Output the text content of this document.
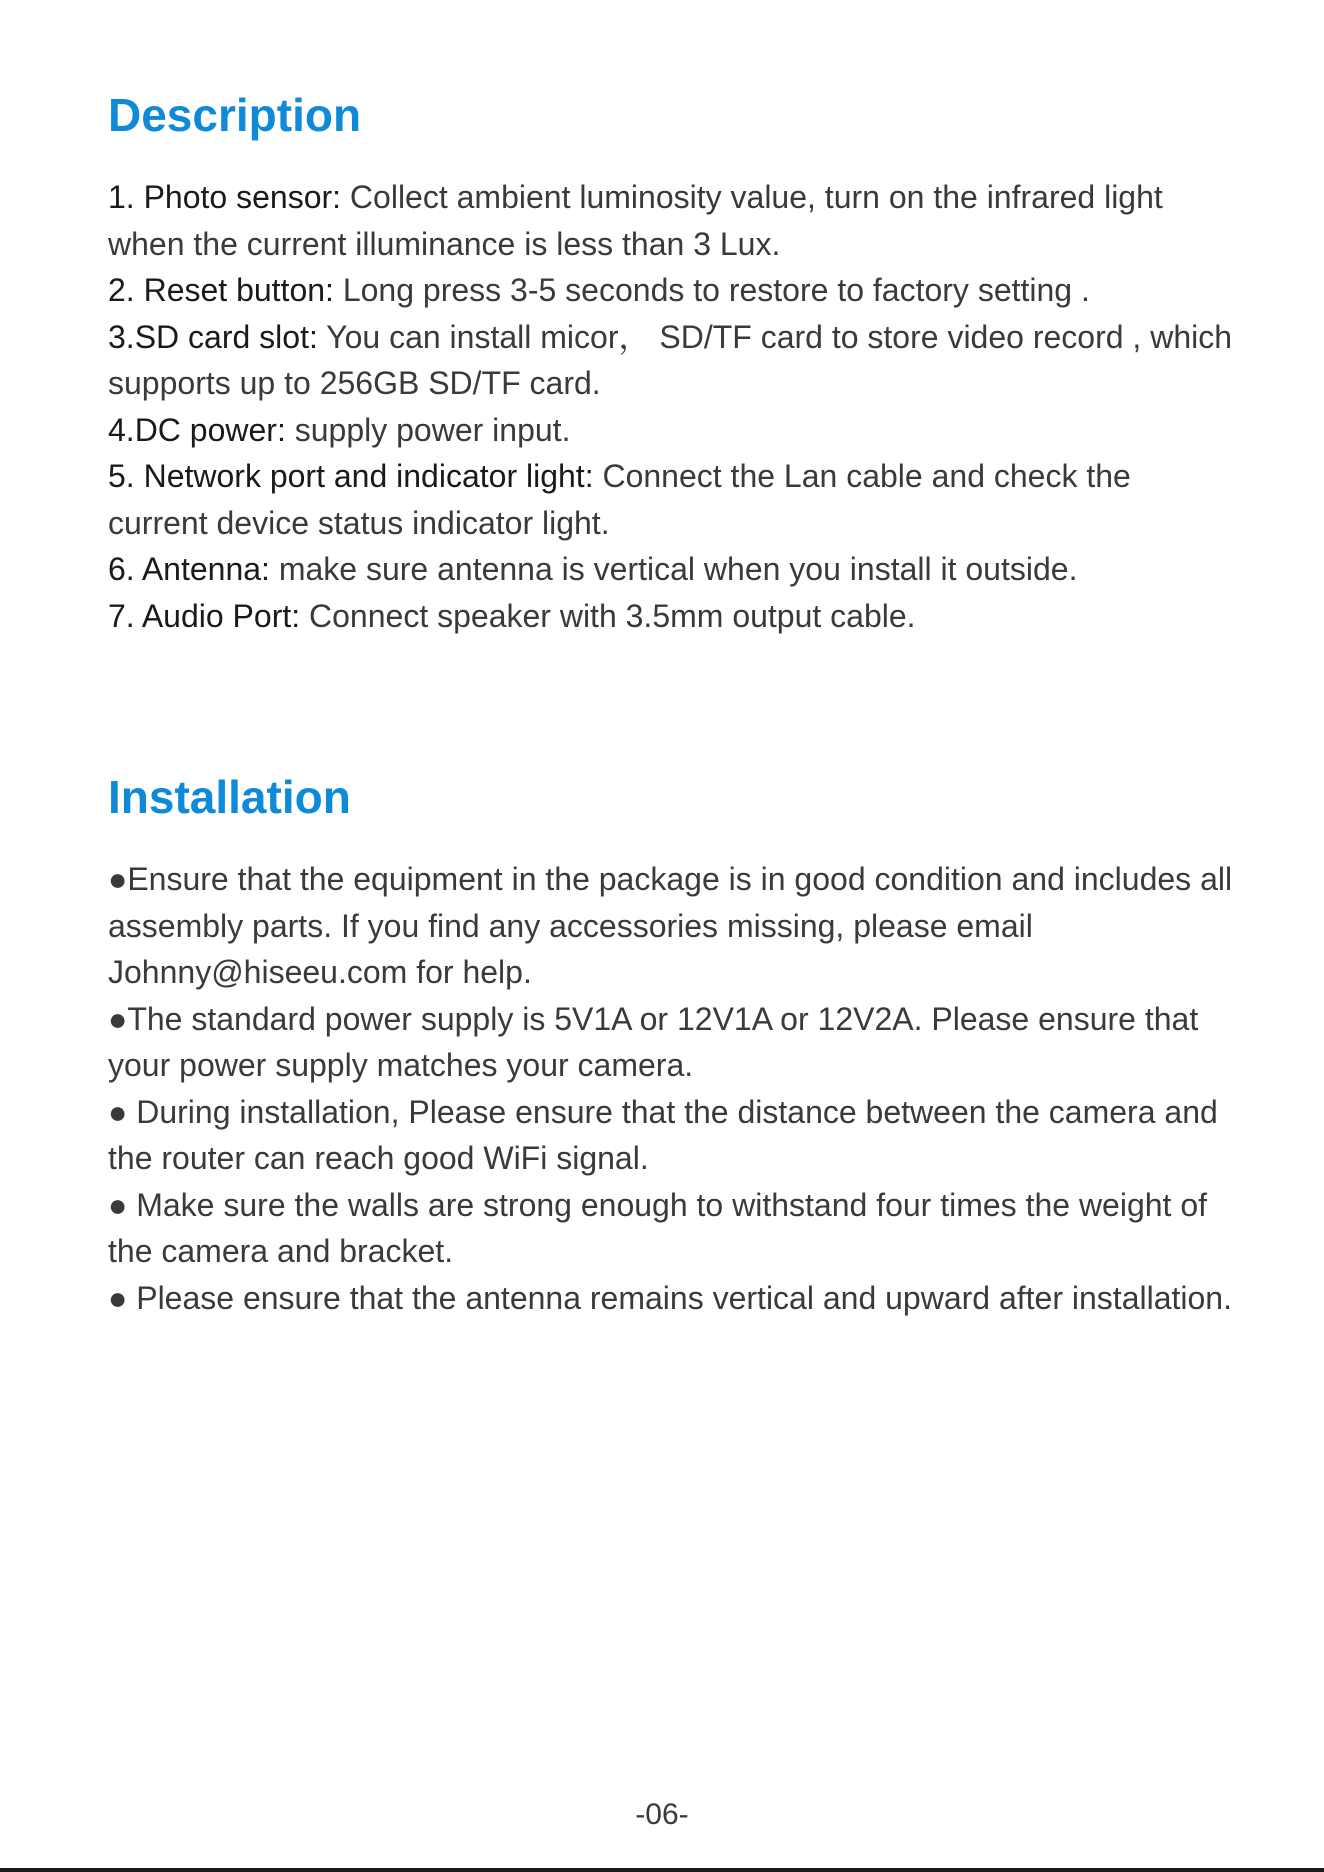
Description

1. Photo sensor: Collect ambient luminosity value, turn on the infrared light when the current illuminance is less than 3 Lux.

2. Reset button: Long press 3-5 seconds to restore to factory setting .

3.SD card slot: You can install micor， SD/TF card to store video record , which supports up to 256GB SD/TF card.

4.DC power: supply power input.

5. Network port and indicator light: Connect the Lan cable and check the current device status indicator light.

6. Antenna: make sure antenna is vertical when you install it outside.

7. Audio Port: Connect speaker with 3.5mm output cable.

Installation

●Ensure that the equipment in the package is in good condition and includes all assembly parts. If you find any accessories missing, please email Johnny@hiseeu.com for help.

●The standard power supply is 5V1A or 12V1A or 12V2A. Please ensure that your power supply matches your camera.

● During installation, Please ensure that the distance between the camera and the router can reach good WiFi signal.

● Make sure the walls are strong enough to withstand four times the weight of the camera and bracket.

● Please ensure that the antenna remains vertical and upward after installation.

-06-
